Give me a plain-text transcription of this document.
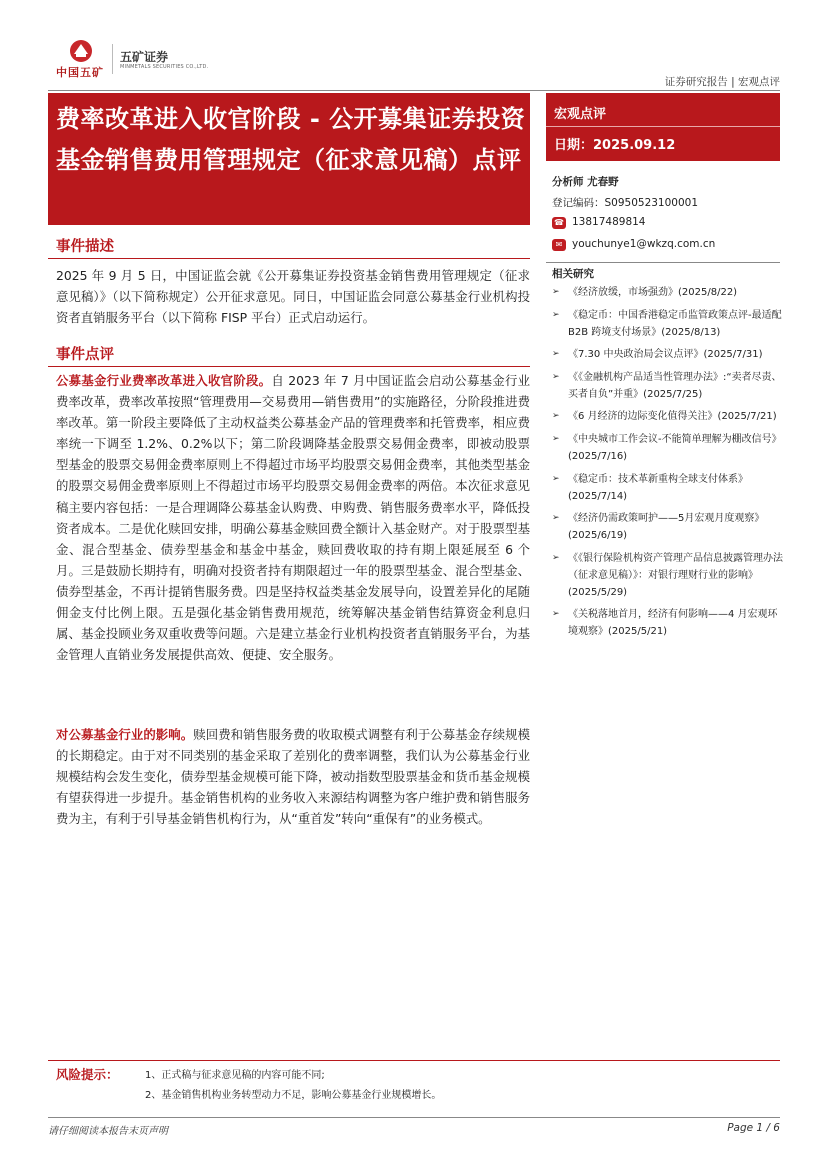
中国五矿
五矿证券
MINMETALS SECURITIES CO.,LTD.
证券研究报告 | 宏观点评
费率改革进入收官阶段 - 公开募集证券投资基金销售费用管理规定（征求意见稿）点评
宏观点评
日期：2025.09.12
分析师 尤春野
登记编码：S0950523100001
☎ 13817489814
✉ youchunye1@wkzq.com.cn
相关研究
➢ 《经济放缓，市场强劲》(2025/8/22)
➢ 《稳定币：中国香港稳定币监管政策点评-最适配 B2B 跨境支付场景》(2025/8/13)
➢ 《7.30 中央政治局会议点评》(2025/7/31)
➢ 《《金融机构产品适当性管理办法》:“卖者尽责、买者自负”并重》(2025/7/25)
➢ 《6 月经济的边际变化值得关注》(2025/7/21)
➢ 《中央城市工作会议-不能简单理解为棚改信号》(2025/7/16)
➢ 《稳定币：技术革新重构全球支付体系》(2025/7/14)
➢ 《经济仍需政策呵护——5月宏观月度观察》(2025/6/19)
➢ 《《银行保险机构资产管理产品信息披露管理办法（征求意见稿）》：对银行理财行业的影响》(2025/5/29)
➢ 《关税落地首月，经济有何影响——4 月宏观环境观察》(2025/5/21)
事件描述

2025 年 9 月 5 日，中国证监会就《公开募集证券投资基金销售费用管理规定（征求意见稿）》（以下简称规定）公开征求意见。同日，中国证监会同意公募基金行业机构投资者直销服务平台（以下简称 FISP 平台）正式启动运行。

事件点评

公募基金行业费率改革进入收官阶段。自 2023 年 7 月中国证监会启动公募基金行业费率改革，费率改革按照“管理费用—交易费用—销售费用”的实施路径，分阶段推进费率改革。第一阶段主要降低了主动权益类公募基金产品的管理费率和托管费率，相应费率统一下调至 1.2%、0.2%以下；第二阶段调降基金股票交易佣金费率，即被动股票型基金的股票交易佣金费率原则上不得超过市场平均股票交易佣金费率，其他类型基金的股票交易佣金费率原则上不得超过市场平均股票交易佣金费率的两倍。本次征求意见稿主要内容包括：一是合理调降公募基金认购费、申购费、销售服务费率水平，降低投资者成本。二是优化赎回安排，明确公募基金赎回费全额计入基金财产。对于股票型基金、混合型基金、债券型基金和基金中基金，赎回费收取的持有期上限延展至 6 个月。三是鼓励长期持有，明确对投资者持有期限超过一年的股票型基金、混合型基金、债券型基金，不再计提销售服务费。四是坚持权益类基金发展导向，设置差异化的尾随佣金支付比例上限。五是强化基金销售费用规范，统筹解决基金销售结算资金利息归属、基金投顾业务双重收费等问题。六是建立基金行业机构投资者直销服务平台，为基金管理人直销业务发展提供高效、便捷、安全服务。

对公募基金行业的影响。赎回费和销售服务费的收取模式调整有利于公募基金存续规模的长期稳定。由于对不同类别的基金采取了差别化的费率调整，我们认为公募基金行业规模结构会发生变化，债券型基金规模可能下降，被动指数型股票基金和货币基金规模有望获得进一步提升。基金销售机构的业务收入来源结构调整为客户维护费和销售服务费为主，有利于引导基金销售机构行为，从“重首发”转向“重保有”的业务模式。

风险提示：	1、正式稿与征求意见稿的内容可能不同;
2、基金销售机构业务转型动力不足，影响公募基金行业规模增长。
请仔细阅读本报告末页声明	Page 1 / 6
